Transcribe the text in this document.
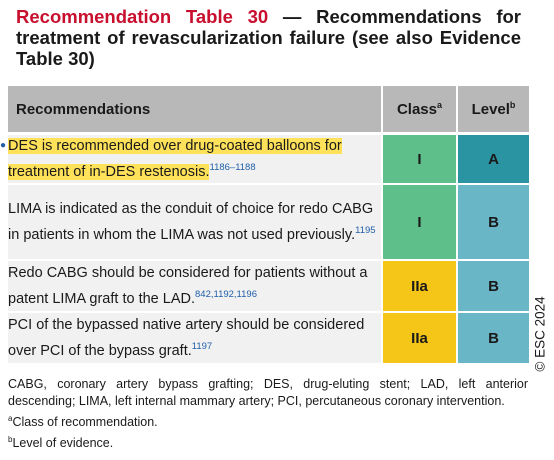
Recommendation Table 30 — Recommendations for treatment of revascularization failure (see also Evidence Table 30)
Recommendations	Class$^a$	Level$^b$
● DES is recommended over drug-coated balloons for treatment of in-DES restenosis.$^{1186-1188}$	I	A
LIMA is indicated as the conduit of choice for redo CABG in patients in whom the LIMA was not used previously.$^{1195}$	I	B
Redo CABG should be considered for patients without a patent LIMA graft to the LAD.$^{842,1192,1196}$	IIa	B
PCI of the bypassed native artery should be considered over PCI of the bypass graft.$^{1197}$	IIa	B © ESC 2024
CABG, coronary artery bypass grafting; DES, drug-eluting stent; LAD, left anterior descending; LIMA, left internal mammary artery; PCI, percutaneous coronary intervention.
$^a$Class of recommendation.
$^b$Level of evidence.
